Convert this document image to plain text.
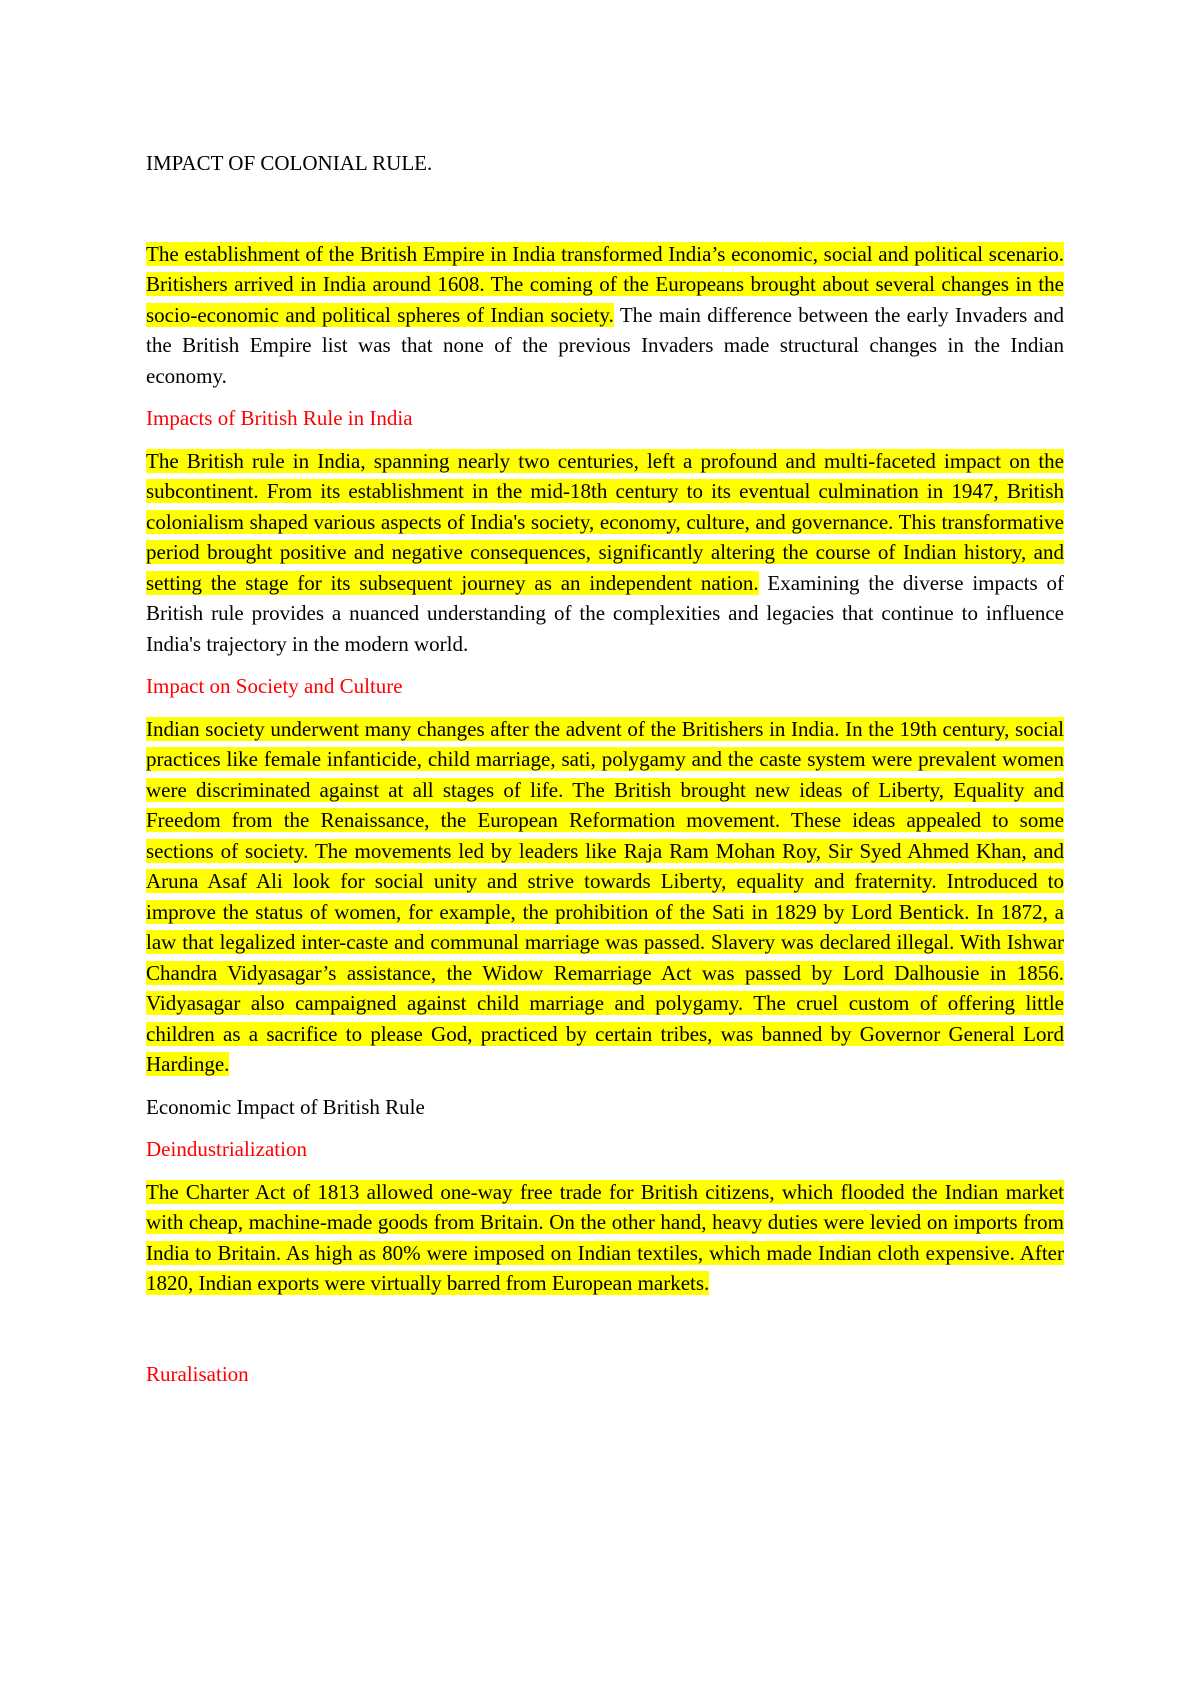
IMPACT OF COLONIAL RULE.

The establishment of the British Empire in India transformed India’s economic, social and political scenario. Britishers arrived in India around 1608. The coming of the Europeans brought about several changes in the socio-economic and political spheres of Indian society. The main difference between the early Invaders and the British Empire list was that none of the previous Invaders made structural changes in the Indian economy.

Impacts of British Rule in India

The British rule in India, spanning nearly two centuries, left a profound and multi-faceted impact on the subcontinent. From its establishment in the mid-18th century to its eventual culmination in 1947, British colonialism shaped various aspects of India's society, economy, culture, and governance. This transformative period brought positive and negative consequences, significantly altering the course of Indian history, and setting the stage for its subsequent journey as an independent nation. Examining the diverse impacts of British rule provides a nuanced understanding of the complexities and legacies that continue to influence India's trajectory in the modern world.

Impact on Society and Culture

Indian society underwent many changes after the advent of the Britishers in India. In the 19th century, social practices like female infanticide, child marriage, sati, polygamy and the caste system were prevalent women were discriminated against at all stages of life. The British brought new ideas of Liberty, Equality and Freedom from the Renaissance, the European Reformation movement. These ideas appealed to some sections of society. The movements led by leaders like Raja Ram Mohan Roy, Sir Syed Ahmed Khan, and Aruna Asaf Ali look for social unity and strive towards Liberty, equality and fraternity. Introduced to improve the status of women, for example, the prohibition of the Sati in 1829 by Lord Bentick. In 1872, a law that legalized inter-caste and communal marriage was passed. Slavery was declared illegal. With Ishwar Chandra Vidyasagar’s assistance, the Widow Remarriage Act was passed by Lord Dalhousie in 1856. Vidyasagar also campaigned against child marriage and polygamy. The cruel custom of offering little children as a sacrifice to please God, practiced by certain tribes, was banned by Governor General Lord Hardinge.

Economic Impact of British Rule

Deindustrialization

The Charter Act of 1813 allowed one-way free trade for British citizens, which flooded the Indian market with cheap, machine-made goods from Britain. On the other hand, heavy duties were levied on imports from India to Britain. As high as 80% were imposed on Indian textiles, which made Indian cloth expensive. After 1820, Indian exports were virtually barred from European markets.

Ruralisation
